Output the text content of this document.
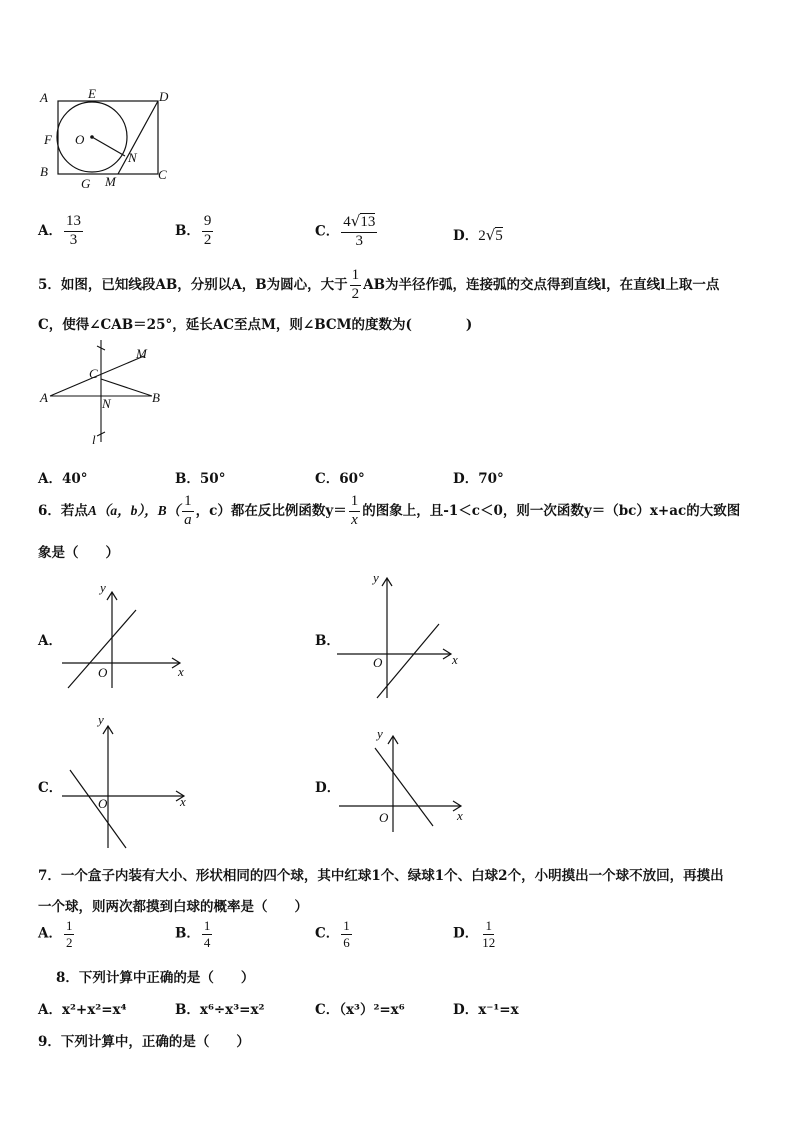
A	E	D
F O
N
B
G M	C
A． $\frac{13}{3}$	B． $\frac{9}{2}$	C． $\frac{4√13}{3}$	D．2√5
5．如图，已知线段AB，分别以A，B为圆心，大于 $\frac{1}{2}$ AB为半径作弧，连接弧的交点得到直线l，在直线l上取一点
C，使得∠CAB＝25°，延长AC至点M，则∠BCM的度数为(　　　　)
M
C
A	N	B
l
A．40°	B．50°	C．60°	D．70°
6．若点A（a，b），$B( \frac{1}{a}$ ，c）都在反比例函数$y= \frac{1}{x}$ 的图象上，且-1＜c＜0，则一次函数y＝（bc）x+ac的大致图
象是（　　）
A．
y
x
O
B．
y
x
O
C．
y
x
O
D．
y
x
O
7．一个盒子内装有大小、形状相同的四个球，其中红球1个、绿球1个、白球2个，小明摸出一个球不放回，再摸出
一个球，则两次都摸到白球的概率是（　　）
A． $\frac{1}{2}$	B． $\frac{1}{4}$	C． $\frac{1}{6}$	D． $\frac{1}{12}$
8．下列计算中正确的是（　　）
A．x²+x²=x⁴	B．x⁶÷x³=x²	C．（x³）²=x⁶	D．x⁻¹=x
9．下列计算中，正确的是（　　）
